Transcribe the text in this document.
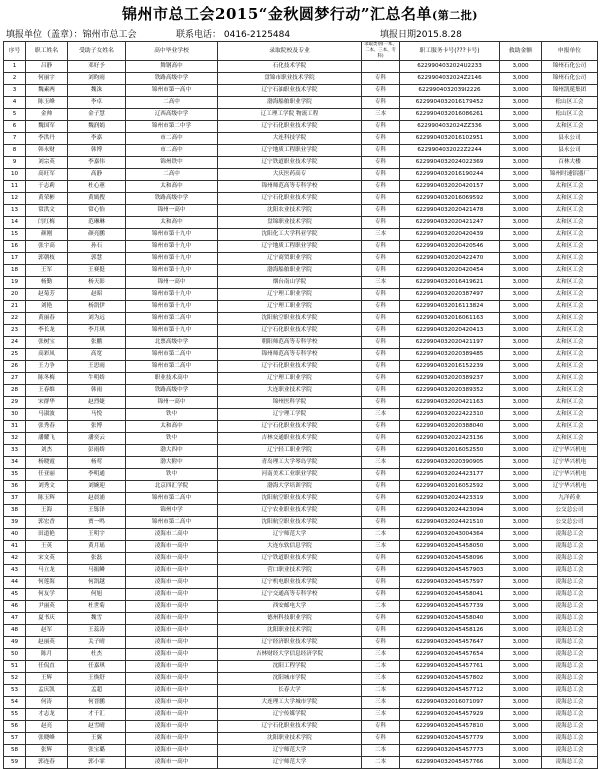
锦州市总工会2015“金秋圆梦行动”汇总名单(第二批)
填报单位（盖章）：锦州市总工会	联系电话： 0416-2125484	填报日期2015.8.28
序号	职工姓名	受助子女姓名	高中毕业学校	录取院校及专业	录取类别(一本、二本、三本、专科)	职工服务卡号(???卡号)	救助金额	申报单位
1	吕静	邓好予	舞钢高中	石化技术学院		6229904032024U2233	3,000	锦州石化公司
2	何丽宇	刘昀雨	铁路高级中学	盘锦市职业技术学院	专科	6229904032024Z2146	3,000	锦州石化公司
3	魏素两	魏洙	锦州市第一高中	辽宁石油职业技术学院	专科	6229904032039I2226	3,000	锦州凯冕集团
4	陈玉峰	李卓	二高中	渤海船舶职业学院	专科	6229904032016179452	3,000	松山区工会
5	金帅	金子慧	辽西高级中学	辽工理工学院 物流工程	三本	6229904032016086261	3,000	松山区工会
6	魏国军	魏润娟	锦州市第二中学	辽宁石化职业技术学院	专科	6229904032024ZZ336	3,000	太和区工会
7	李洪丹	李嘉	市二高中	大连科技学院	专科	6229904032016102951	3,000	县永公司
8	韩永财	韩博	市二高中	辽宁地质工程职业学院	专科	6229904032022Z2244	3,000	县永公司
9	刘宗英	李嘉伟	锦州铁中	辽宁铁道职业技术学院	专科	6229904032024022369	3,000	百林大楼
10	高旺军	高静	二高中	大庆医药高专	专科	6229904032016190244	3,000	锦州时速铝器厂
11	于志莉	杜心蕙	太和高中	锦州师范高等专科学校	专科	6229904032020420157	3,000	太和区工会
12	黄荣彬	黄嫣搜	铁路高级中学	辽宁石化职业技术学院	专科	6229904032016069592	3,000	太和区工会
13	常洪文	常心怡	锦州一高中	沈阳农业技术学院	专科	6229904032020421478	3,000	太和区工会
14	闫红梅	范琳琳	太和高中	盘锦职业技术学院	专科	6229904032020421247	3,000	太和区工会
15	颜刚	颜亮鹏	锦州市第十九中	沈阳化工大学科亚学院	三本	6229904032020420439	3,000	太和区工会
16	张宇高	孙石	锦州市第十九中	辽宁地质工程职业学院	专科	6229904032020420546	3,000	太和区工会
17	郭朝枝	郭慧	锦州市第十九中	辽宁商贸职业学院	专科	6229904032020422470	3,000	太和区工会
18	王军	王赛挺	锦州市第十九中	渤海船舶职业学院	专科	6229904032020420454	3,000	太和区工会
19	杨勤	杨天影	锦州一高中	烟台南山学院	三本	6229904032016419621	3,000	太和区工会
20	赵菊芳	赵昭	锦州市第十九中	辽宁理工职业学院	专科	6229904032020387497	3,000	太和区工会
21	刘艳	杨凯伊	锦州市第十九中	辽宁理工职业学院	专科	6229904032016113824	3,000	太和区工会
22	黄丽春	刘为远	锦州市第二高中	沈阳航空职业技术学院	专科	6229904032016061163	3,000	太和区工会
23	李长龙	李月琪	锦州市第十九中	辽宁石化职业技术学院	专科	6229904032020420413	3,000	太和区工会
24	张树宝	张鹏	北票高级中学	朝阳师范高等专科学校	专科	6229904032020421197	3,000	太和区工会
25	高彩凤	高宽	锦州市第二高中	锦州师范高等专科学校	专科	6229904032020389485	3,000	太和区工会
26	王力争	王思雨	锦州市第二高中	辽宁石化职业技术学院	专科	6229904032016152239	3,000	太和区工会
27	陈冬梅	牛明娇	职业技术高中	辽宁理工职业学院	专科	6229904032020389237	3,000	太和区工会
28	王春维	韩雨	铁路高级中学	大连职业技术学院	专科	6229904032020389352	3,000	太和区工会
29	宋群华	赵烈婕	锦州一高中	锦州医科学院	专科	6229904032020421163	3,000	太和区工会
30	马淑波	马悦	铁中	辽宁理工学院	三本	6229904032022422310	3,000	太和区工会
31	张秀春	张博	太和高中	辽宁石化职业技术学院	专科	6229904032020388040	3,000	太和区工会
32	潘耀飞	潘奕云	铁中	吉林交通职业技术学院	专科	6229904032022423136	3,000	太和区工会
33	刘杰	彭雨娇	渤大四中	辽宁轻工职业学院	专科	6229904032016052550	3,000	辽宁华兴机电
34	杨晓霞	杨莺	渤大附中	青岛理工大学琴岛学院	三本	6229904032020390905	3,000	辽宁华兴机电
35	任亚丽	李明通	铁中	河南美术工业职业学院	专科	6229904032024423177	3,000	辽宁华兴机电
36	刘秀文	刘婉迎	北京四汇学院	渤海大学培训学院	专科	6229904032016052592	3,000	辽宁华兴机电
37	陈玉辉	赵晨浦	锦州市第二高中	沈阳航空职业技术学院	专科	6229904032024423319	3,000	九洋药业
38	王海	王铄泽	锦州中学	辽宁农业职业技术学院	专科	6229904032024423094	3,000	公交总公司
39	郭宏香	贾一鸣	锦州市第二高中	沈阳航空职业技术学院	专科	6229904032024421510	3,000	公交总公司
40	田道艳	王明宇	凌海市二高中	辽宁师范大学	二本	6229904032043004364	3,000	凌海总工会
41	王英	黄月瑶	凌海市一高中	大连东软信息学院	三本	6229904032045458050	3,000	凌海总工会
42	宋文英	张磊	凌海市一高中	辽宁铁道职业技术学院	专科	6229904032045458096	3,000	凌海总工会
43	马立龙	马振鳞	凌海市一高中	营口职业技术学院	专科	6229904032045457903	3,000	凌海总工会
44	何莲海	何凯越	凌海市一高中	辽宁机电职业技术学院	专科	6229904032045457597	3,000	凌海总工会
45	何友学	何旭	凌海市一高中	辽宁交通高等专科学校	专科	6229904032045458041	3,000	凌海总工会
46	尹丽英	杜世菊	凌海市一高中	西安邮电大学	二本	6229904032045457739	3,000	凌海总工会
47	夏书庆	魏雪	凌海市一高中	德州科技职业学院	专科	6229904032045458040	3,000	凌海总工会
48	赵军	王蕊涛	凌海市一高中	沈阳职业技术学院	专科	6229904032045458126	3,000	凌海总工会
49	赵丽英	关子晴	凌海市一高中	辽宁经济职业技术学院	专科	6229904032045457647	3,000	凌海总工会
50	陈月	杜杰	凌海市一高中	吉林财经大学信息经济学院	三本	6229904032045457654	3,000	凌海总工会
51	任侃直	任嘉琪	凌海市一高中	沈阳工程学院	二本	6229904032045457761	3,000	凌海总工会
52	王辉	王焕舒	凌海市一高中	沈阳城市学院	三本	6229904032045457802	3,000	凌海总工会
53	孟庆凯	孟超	凌海市一高中	长春大学	二本	6229904032045457712	3,000	凌海总工会
54	何涛	何晋鹏	凌海市一高中	大连理工大学城市学院	三本	6229904032016071097	3,000	凌海总工会
55	才志龙	才千汇	凌海市一高中	辽宁传媒学院	三本	6229904032045457929	3,000	凌海总工会
56	赵亮	赵雪晴	凌海市一高中	辽宁石化职业技术学院	专科	6229904032045457810	3,000	凌海总工会
57	张晓峰	王翼	凌海市一高中	沈阳职业技术学院	专科	6229904032045457779	3,000	凌海总工会
58	张辉	张宝璐	凌海市一高中	辽宁师范大学	二本	6229904032045457773	3,000	凌海总工会
59	郭连春	郭小霏	凌海市一高中	辽宁师范大学	二本	6229904032045457766	3,000	凌海总工会
